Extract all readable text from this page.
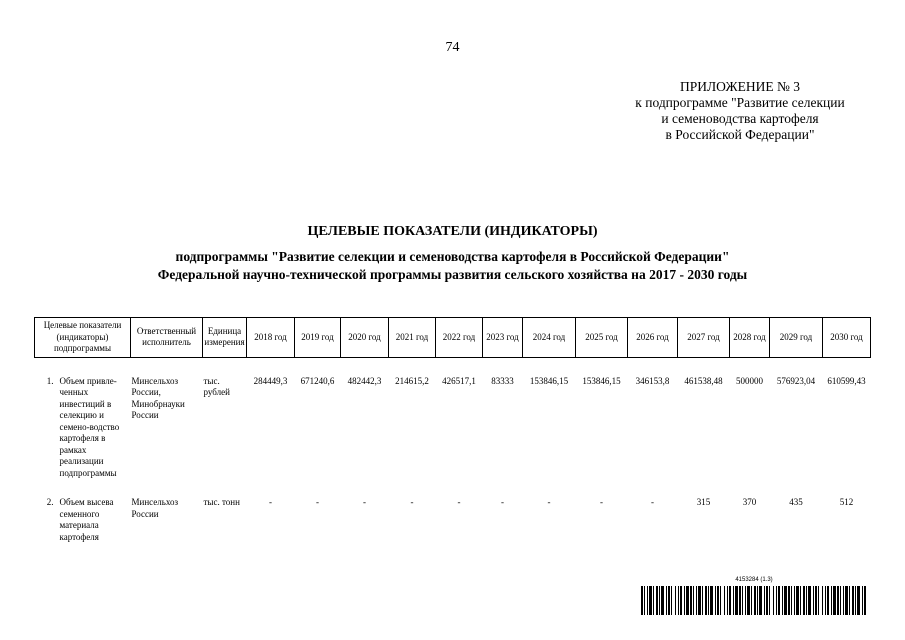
74
ПРИЛОЖЕНИЕ № 3
к подпрограмме "Развитие селекции
и семеноводства картофеля
в Российской Федерации"
ЦЕЛЕВЫЕ ПОКАЗАТЕЛИ (ИНДИКАТОРЫ)
подпрограммы "Развитие селекции и семеноводства картофеля в Российской Федерации"
Федеральной научно-технической программы развития сельского хозяйства на 2017 - 2030 годы
Целевые показатели (индикаторы) подпрограммы	Ответственный исполнитель	Единица измерения	2018 год	2019 год	2020 год	2021 год	2022 год	2023 год	2024 год	2025 год	2026 год	2027 год	2028 год	2029 год	2030 год

1. Объем привле-ченных инвестиций в селекцию и семено-водство картофеля в рамках реализации подпрограммы	Минсельхоз России, Минобрнауки России	тыс. рублей	284449,3	671240,6	482442,3	214615,2	426517,1	83333	153846,15	153846,15	346153,8	461538,48	500000	576923,04	610599,43

2. Объем высева семенного материала картофеля	Минсельхоз России	тыс. тонн	-	-	-	-	-	-	-	-	-	315	370	435	512
4153284 (1.3)
